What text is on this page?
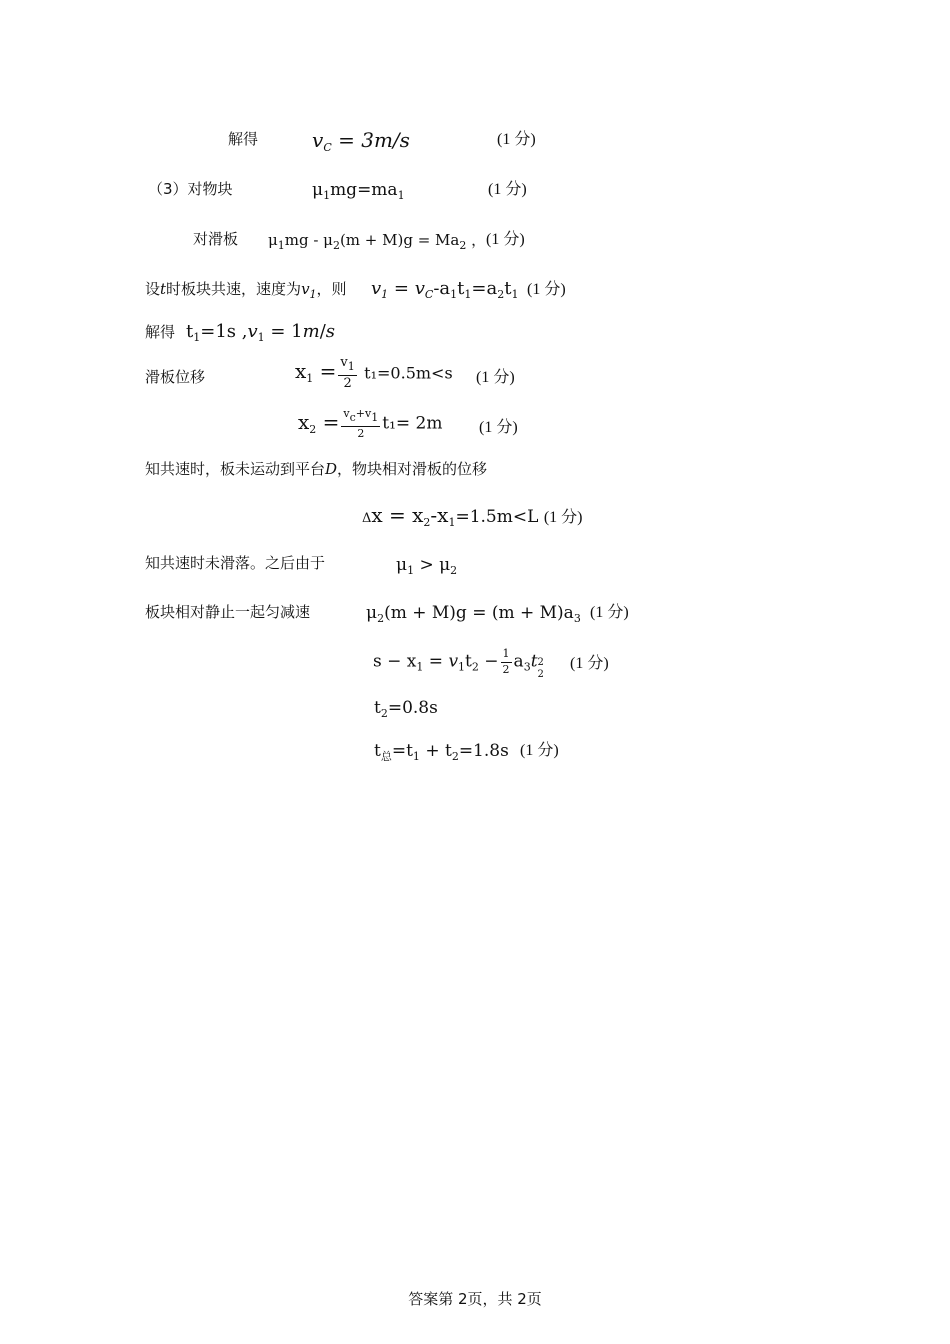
解得	$v_C = 3m/s$	(1 分)
（3）对物块	$\mu_1mg=ma_1$	(1 分)
对滑板 $\mu_1mg - \mu_2(m + M)g = Ma_2$ ， (1 分)
设t时板块共速，速度为$v_1$，则 $v_1 = v_C-a_1t_1=a_2t_1$ (1 分)
解得 $t_1=1s$ $,v_1 = 1m/s$
滑板位移	$x_1 = \frac{v_1}{2} t_1=0.5m<s$ (1 分)
$x_2 = \frac{vc+v1}{2} t_1= 2m$ (1 分)
知共速时，板未运动到平台D，物块相对滑板的位移
$\Delta x = x_2-x_1=1.5m<L$ (1 分)
知共速时未滑落。之后由于	$\mu_1 > \mu_2$
板块相对静止一起匀减速	$\mu_2(m + M)g = (m + M)a_3$ (1 分)
$s - x_1 = v_1t_2 - \frac{1}{2} a_3t$ 2
2
(1 分)
$t_2=0.8s$
$t_总=t_1 + t_2=1.8s$ (1 分)
答案第 2页，共 2页
